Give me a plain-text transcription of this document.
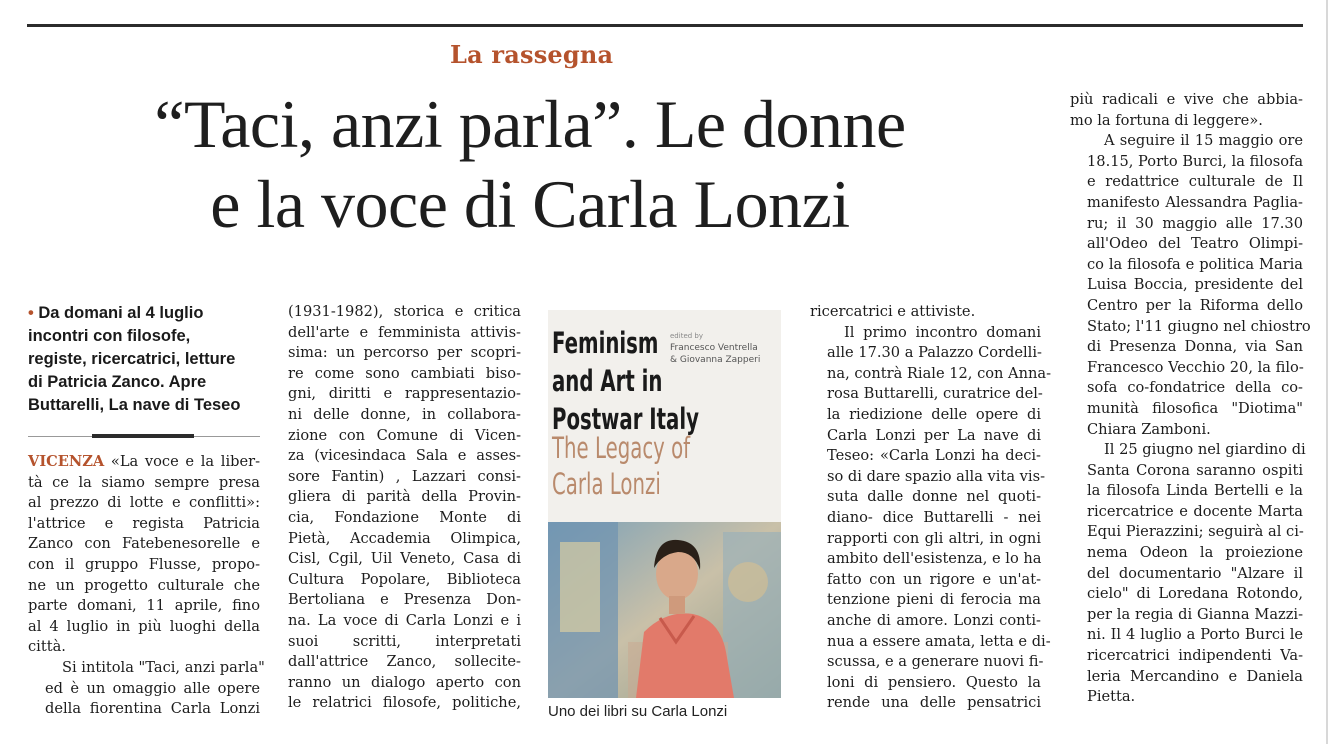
La rassegna
“Taci, anzi parla”. Le donne
e la voce di Carla Lonzi
• Da domani al 4 luglio
incontri con filosofe,
registe, ricercatrici, letture
di Patricia Zanco. Apre
Buttarelli, La nave di Teseo
VICENZA «La voce e la liber-
tà ce la siamo sempre presa
al prezzo di lotte e conflitti»:
l'attrice e regista Patricia
Zanco con Fatebenesorelle e
con il gruppo Flusse, propo-
ne un progetto culturale che
parte domani, 11 aprile, fino
al 4 luglio in più luoghi della
città.
Si intitola "Taci, anzi parla"
ed è un omaggio alle opere
della fiorentina Carla Lonzi
(1931-1982), storica e critica
dell'arte e femminista attivis-
sima: un percorso per scopri-
re come sono cambiati biso-
gni, diritti e rappresentazio-
ni delle donne, in collabora-
zione con Comune di Vicen-
za (vicesindaca Sala e asses-
sore Fantin) , Lazzari consi-
gliera di parità della Provin-
cia, Fondazione Monte di
Pietà, Accademia Olimpica,
Cisl, Cgil, Uil Veneto, Casa di
Cultura Popolare, Biblioteca
Bertoliana e Presenza Don-
na. La voce di Carla Lonzi e i
suoi scritti, interpretati
dall'attrice Zanco, sollecite-
ranno un dialogo aperto con
le relatrici filosofe, politiche,
edited by
Francesco Ventrella
& Giovanna Zapperi
Feminism
and Art in
Postwar Italy
The Legacy of
Carla Lonzi
Uno dei libri su Carla Lonzi
ricercatrici e attiviste.
Il primo incontro domani
alle 17.30 a Palazzo Cordelli-
na, contrà Riale 12, con Anna-
rosa Buttarelli, curatrice del-
la riedizione delle opere di
Carla Lonzi per La nave di
Teseo: «Carla Lonzi ha deci-
so di dare spazio alla vita vis-
suta dalle donne nel quoti-
diano- dice Buttarelli - nei
rapporti con gli altri, in ogni
ambito dell'esistenza, e lo ha
fatto con un rigore e un'at-
tenzione pieni di ferocia ma
anche di amore. Lonzi conti-
nua a essere amata, letta e di-
scussa, e a generare nuovi fi-
loni di pensiero. Questo la
rende una delle pensatrici
più radicali e vive che abbia-
mo la fortuna di leggere».
A seguire il 15 maggio ore
18.15, Porto Burci, la filosofa
e redattrice culturale de Il
manifesto Alessandra Paglia-
ru; il 30 maggio alle 17.30
all'Odeo del Teatro Olimpi-
co la filosofa e politica Maria
Luisa Boccia, presidente del
Centro per la Riforma dello
Stato; l'11 giugno nel chiostro
di Presenza Donna, via San
Francesco Vecchio 20, la filo-
sofa co-fondatrice della co-
munità filosofica "Diotima"
Chiara Zamboni.
Il 25 giugno nel giardino di
Santa Corona saranno ospiti
la filosofa Linda Bertelli e la
ricercatrice e docente Marta
Equi Pierazzini; seguirà al ci-
nema Odeon la proiezione
del documentario "Alzare il
cielo" di Loredana Rotondo,
per la regia di Gianna Mazzi-
ni. Il 4 luglio a Porto Burci le
ricercatrici indipendenti Va-
leria Mercandino e Daniela
Pietta.
